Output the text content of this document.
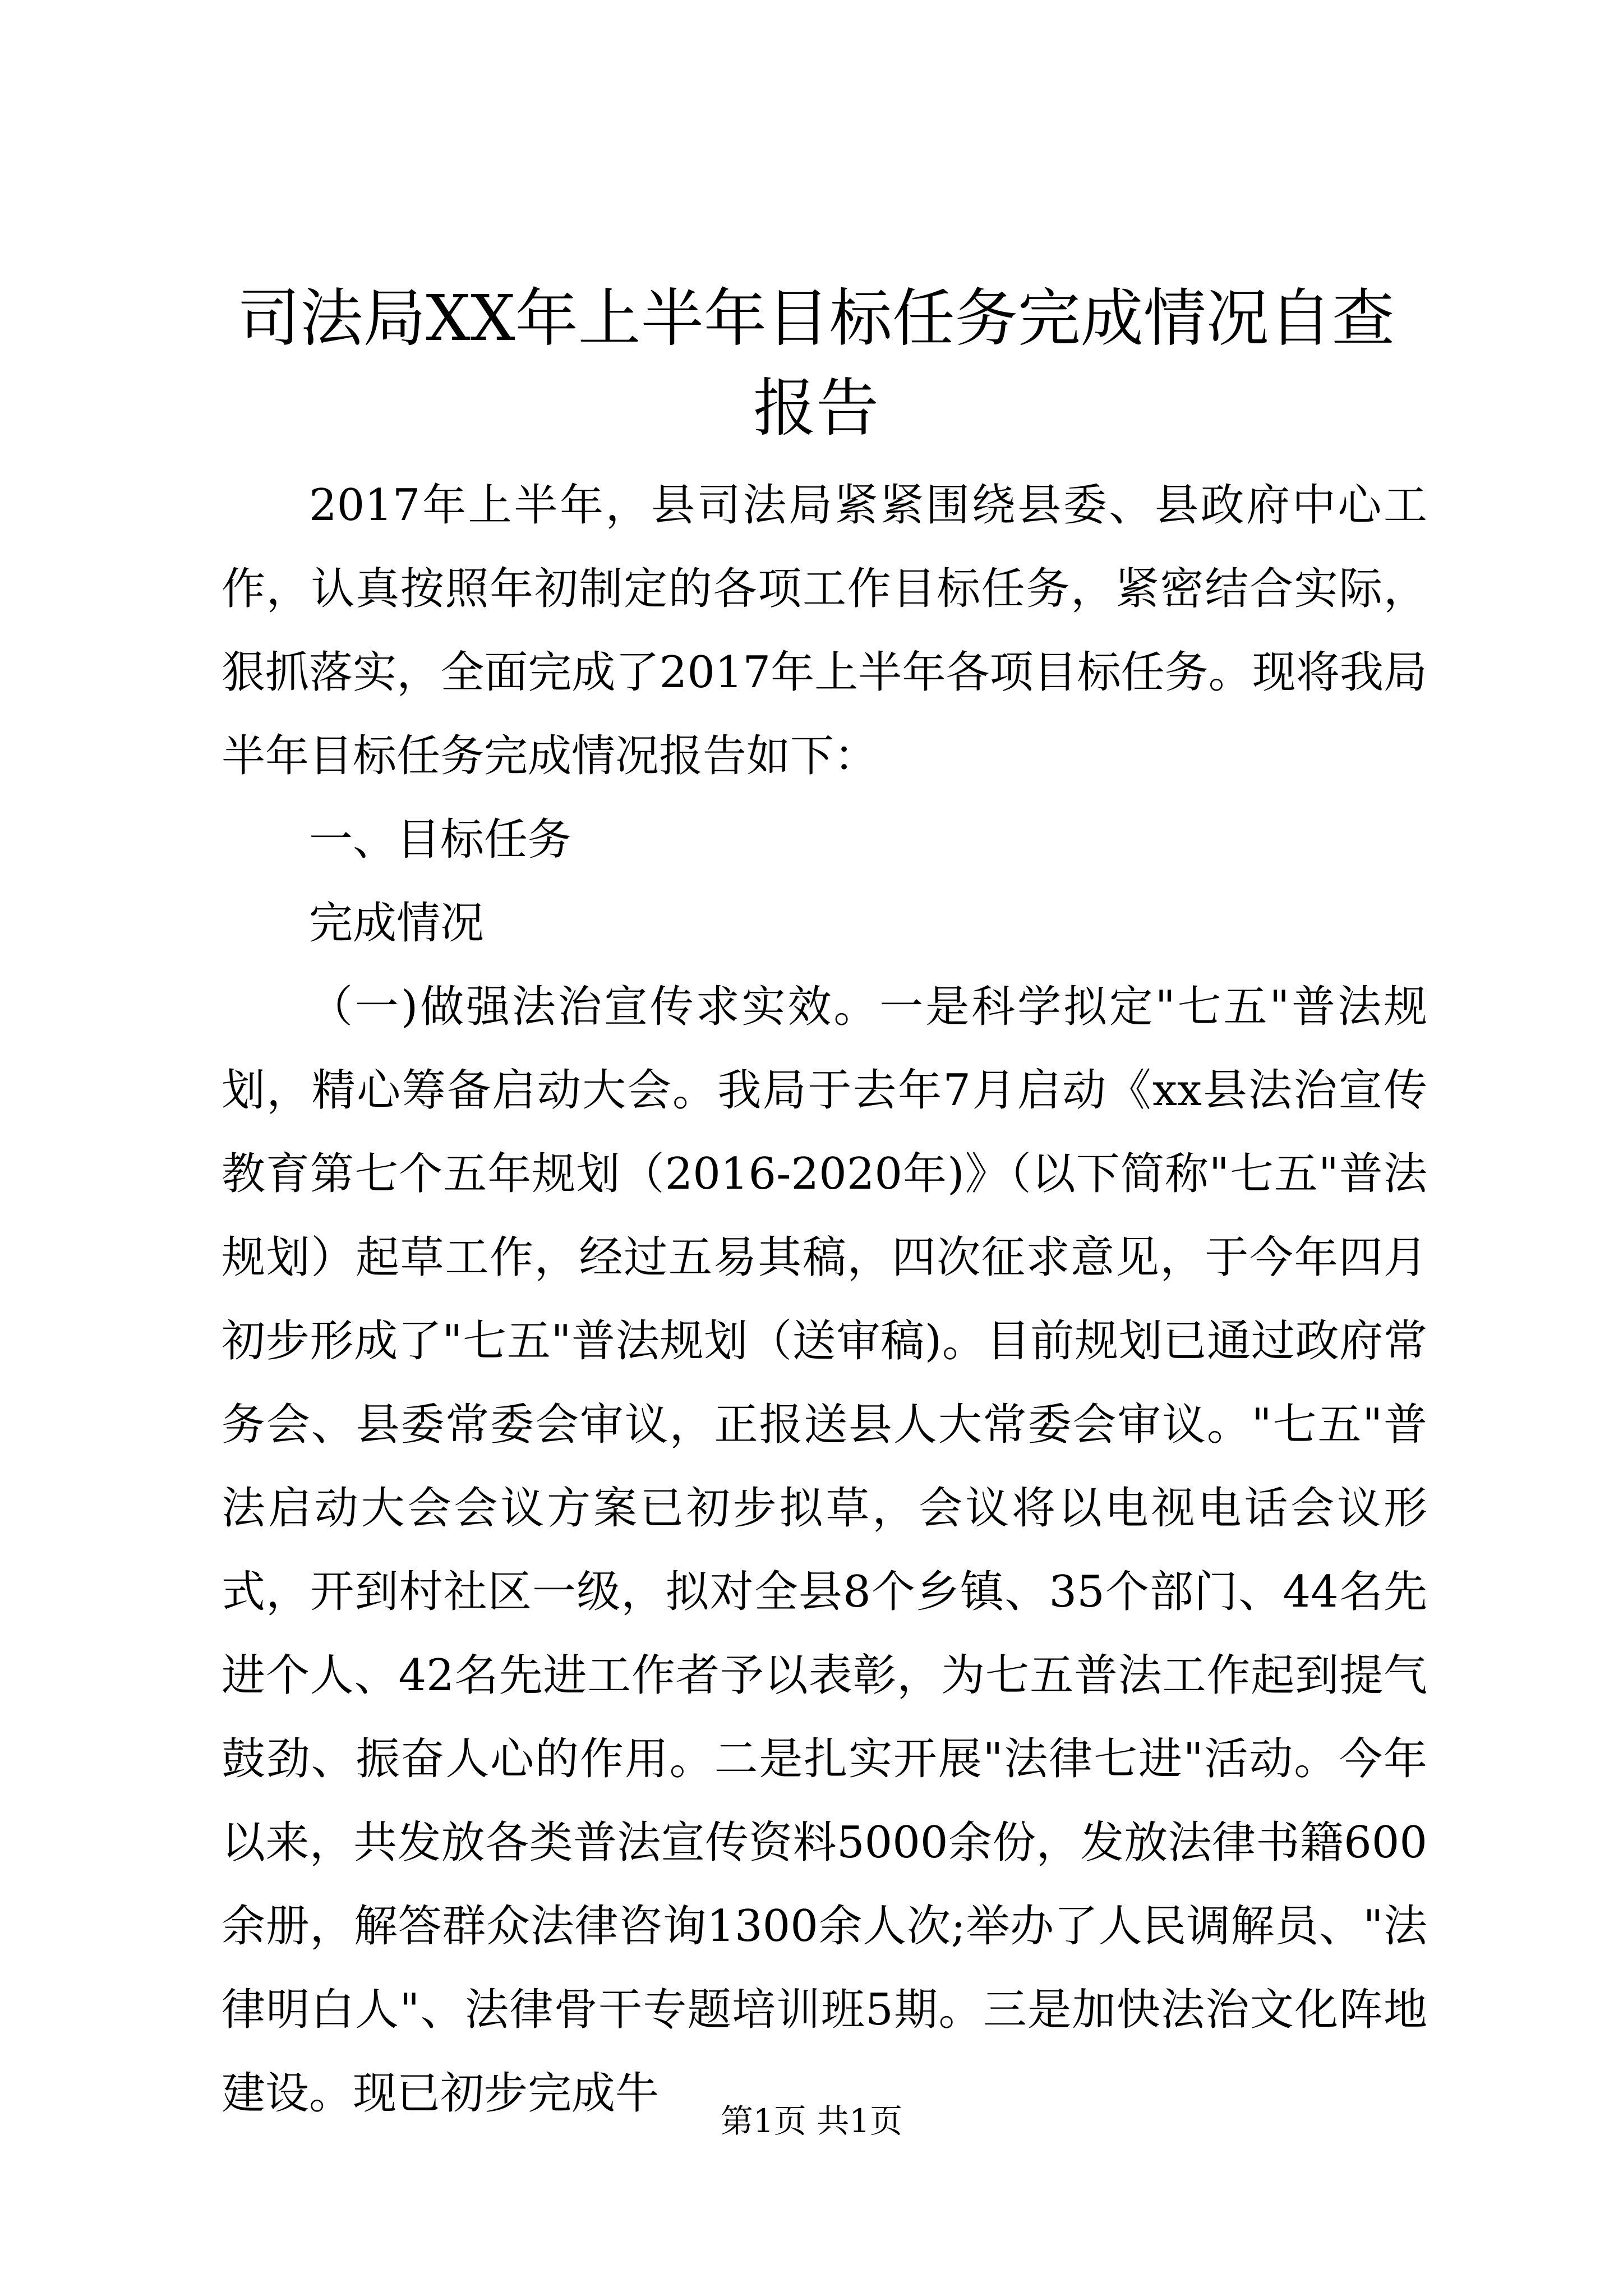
司法局XX年上半年目标任务完成情况自查报告

2017年上半年，县司法局紧紧围绕县委、县政府中心工作，认真按照年初制定的各项工作目标任务，紧密结合实际，狠抓落实，全面完成了2017年上半年各项目标任务。现将我局半年目标任务完成情况报告如下：

一、目标任务

完成情况

（一)做强法治宣传求实效。一是科学拟定"七五"普法规划，精心筹备启动大会。我局于去年7月启动《xx县法治宣传教育第七个五年规划（2016-2020年)》（以下简称"七五"普法规划）起草工作，经过五易其稿，四次征求意见，于今年四月初步形成了"七五"普法规划（送审稿)。目前规划已通过政府常务会、县委常委会审议，正报送县人大常委会审议。"七五"普法启动大会会议方案已初步拟草，会议将以电视电话会议形式，开到村社区一级，拟对全县8个乡镇、35个部门、44名先进个人、42名先进工作者予以表彰，为七五普法工作起到提气鼓劲、振奋人心的作用。二是扎实开展"法律七进"活动。今年以来，共发放各类普法宣传资料5000余份，发放法律书籍600余册，解答群众法律咨询1300余人次;举办了人民调解员、"法律明白人"、法律骨干专题培训班5期。三是加快法治文化阵地建设。现已初步完成牛

第1页 共1页
